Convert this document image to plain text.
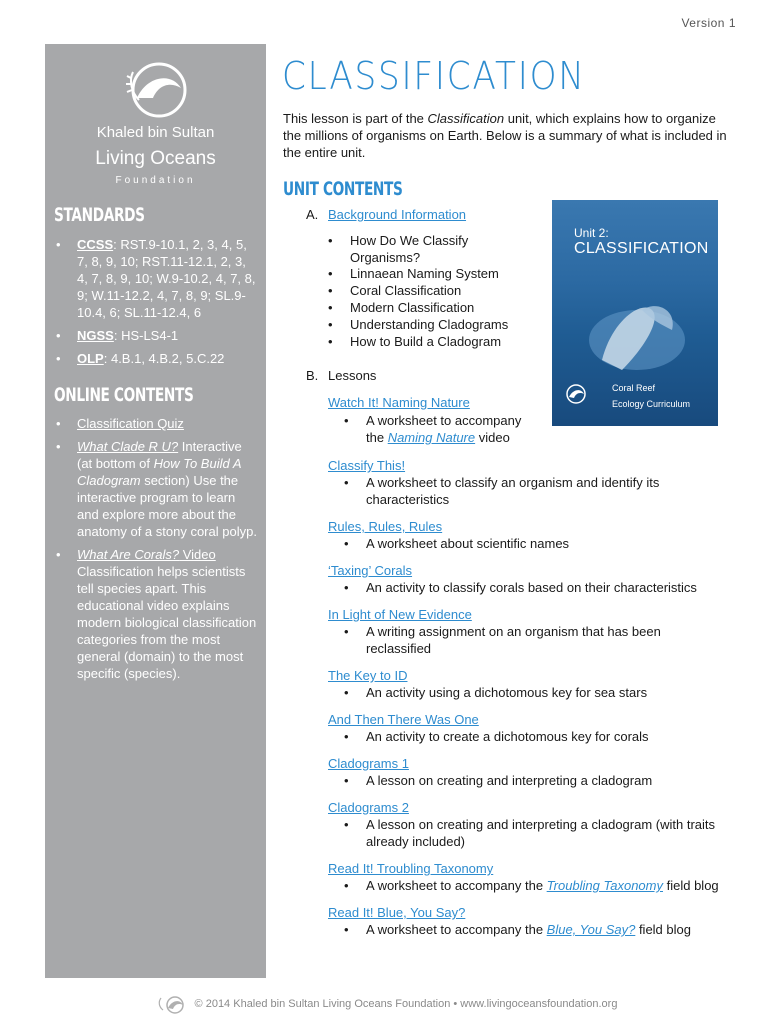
Version 1
Khaled bin Sultan
Living Oceans
Foundation
STANDARDS
• CCSS: RST.9-10.1, 2, 3, 4, 5, 7, 8, 9, 10; RST.11-12.1, 2, 3, 4, 7, 8, 9, 10; W.9-10.2, 4, 7, 8, 9; W.11-12.2, 4, 7, 8, 9; SL.9-10.4, 6; SL.11-12.4, 6
• NGSS: HS-LS4-1
• OLP: 4.B.1, 4.B.2, 5.C.22
ONLINE CONTENTS
• Classification Quiz
• What Clade R U? Interactive (at bottom of How To Build A Cladogram section) Use the interactive program to learn and explore more about the anatomy of a stony coral polyp.
• What Are Corals? Video Classification helps scientists tell species apart. This educational video explains modern biological classification categories from the most general (domain) to the most specific (species).
CLASSIFICATION
This lesson is part of the Classification unit, which explains how to organize the millions of organisms on Earth. Below is a summary of what is included in the entire unit.
UNIT CONTENTS
A. Background Information
• How Do We Classify Organisms?
• Linnaean Naming System
• Coral Classification
• Modern Classification
• Understanding Cladograms
• How to Build a Cladogram
B. Lessons
Watch It! Naming Nature
• A worksheet to accompany the Naming Nature video
Classify This!
• A worksheet to classify an organism and identify its characteristics
Rules, Rules, Rules
• A worksheet about scientific names
‘Taxing’ Corals
• An activity to classify corals based on their characteristics
In Light of New Evidence
• A writing assignment on an organism that has been reclassified
The Key to ID
• An activity using a dichotomous key for sea stars
And Then There Was One
• An activity to create a dichotomous key for corals
Cladograms 1
• A lesson on creating and interpreting a cladogram
Cladograms 2
• A lesson on creating and interpreting a cladogram (with traits already included)
Read It! Troubling Taxonomy
• A worksheet to accompany the Troubling Taxonomy field blog
Read It! Blue, You Say?
• A worksheet to accompany the Blue, You Say? field blog
Unit 2:
CLASSIFICATION
Coral Reef
Ecology Curriculum
© 2014 Khaled bin Sultan Living Oceans Foundation • www.livingoceansfoundation.org
